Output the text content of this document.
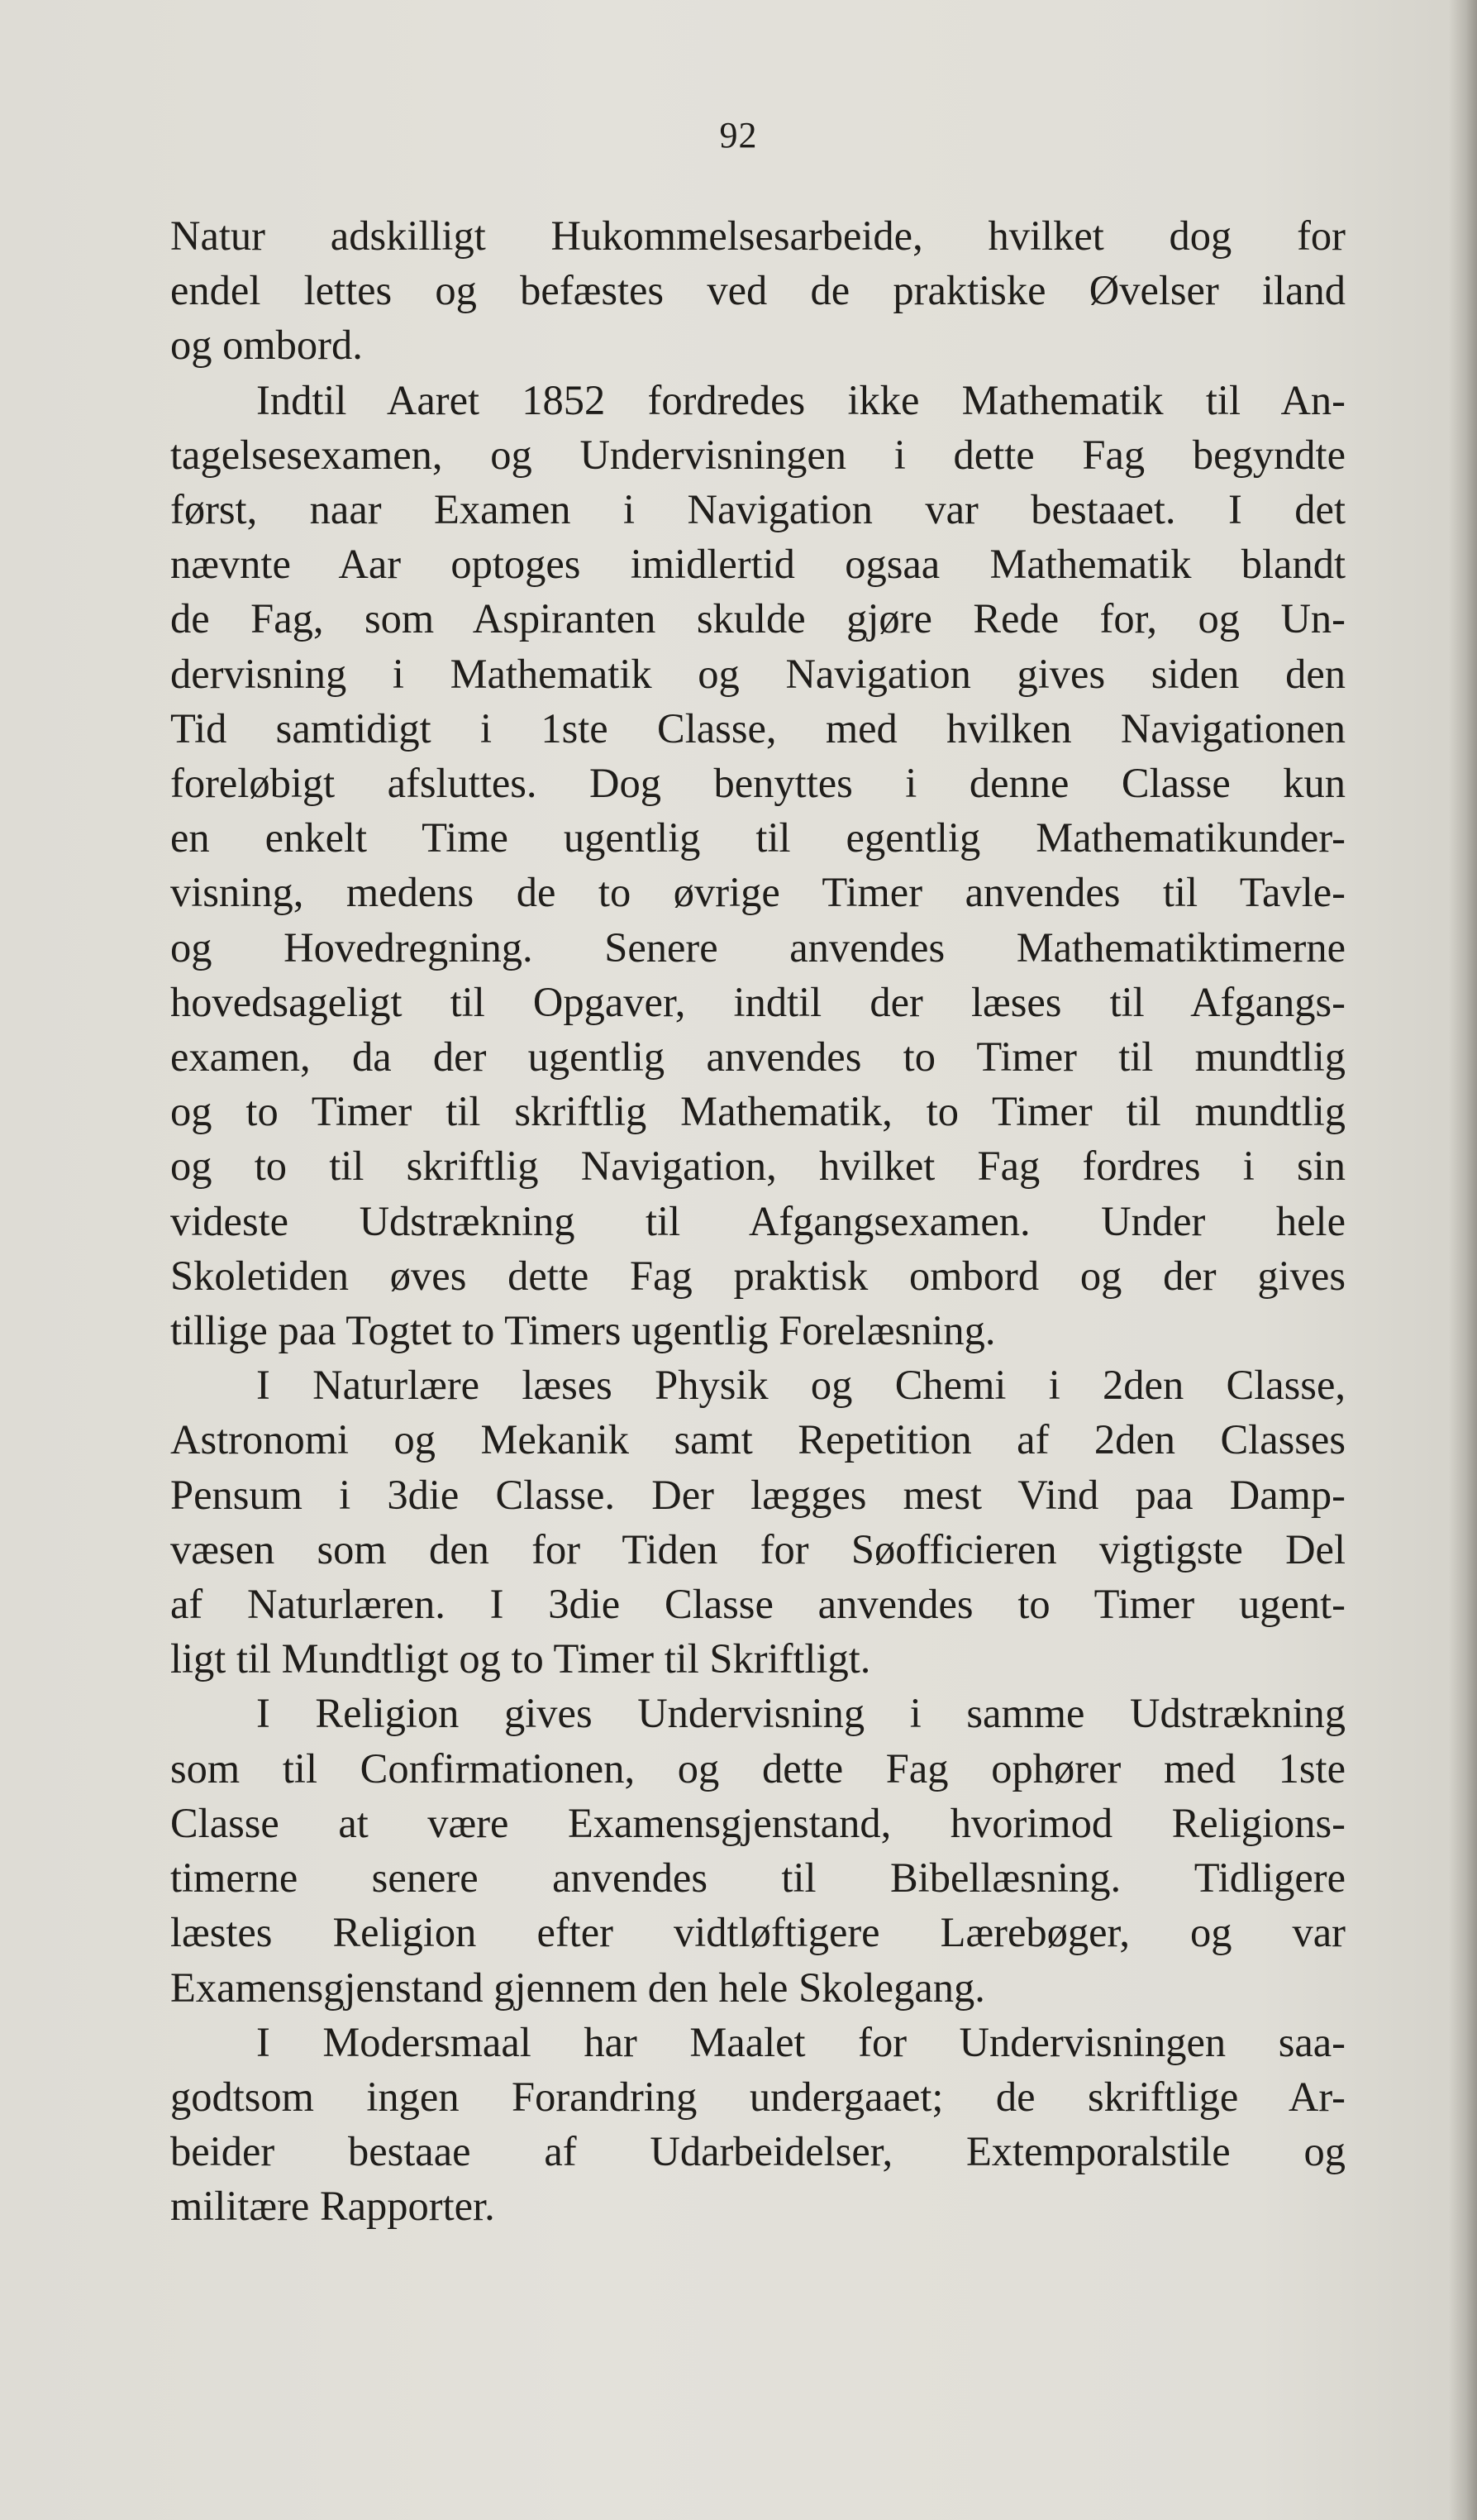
92
Natur adskilligt Hukommelsesarbeide, hvilket dog for
endel lettes og befæstes ved de praktiske Øvelser iland
og ombord.
Indtil Aaret 1852 fordredes ikke Mathematik til An-
tagelsesexamen, og Undervisningen i dette Fag begyndte
først, naar Examen i Navigation var bestaaet. I det
nævnte Aar optoges imidlertid ogsaa Mathematik blandt
de Fag, som Aspiranten skulde gjøre Rede for, og Un-
dervisning i Mathematik og Navigation gives siden den
Tid samtidigt i 1ste Classe, med hvilken Navigationen
foreløbigt afsluttes. Dog benyttes i denne Classe kun
en enkelt Time ugentlig til egentlig Mathematikunder-
visning, medens de to øvrige Timer anvendes til Tavle-
og Hovedregning. Senere anvendes Mathematiktimerne
hovedsageligt til Opgaver, indtil der læses til Afgangs-
examen, da der ugentlig anvendes to Timer til mundtlig
og to Timer til skriftlig Mathematik, to Timer til mundtlig
og to til skriftlig Navigation, hvilket Fag fordres i sin
videste Udstrækning til Afgangsexamen. Under hele
Skoletiden øves dette Fag praktisk ombord og der gives
tillige paa Togtet to Timers ugentlig Forelæsning.
I Naturlære læses Physik og Chemi i 2den Classe,
Astronomi og Mekanik samt Repetition af 2den Classes
Pensum i 3die Classe. Der lægges mest Vind paa Damp-
væsen som den for Tiden for Søofficieren vigtigste Del
af Naturlæren. I 3die Classe anvendes to Timer ugent-
ligt til Mundtligt og to Timer til Skriftligt.
I Religion gives Undervisning i samme Udstrækning
som til Confirmationen, og dette Fag ophører med 1ste
Classe at være Examensgjenstand, hvorimod Religions-
timerne senere anvendes til Bibellæsning. Tidligere
læstes Religion efter vidtløftigere Lærebøger, og var
Examensgjenstand gjennem den hele Skolegang.
I Modersmaal har Maalet for Undervisningen saa-
godtsom ingen Forandring undergaaet; de skriftlige Ar-
beider bestaae af Udarbeidelser, Extemporalstile og
militære Rapporter.
